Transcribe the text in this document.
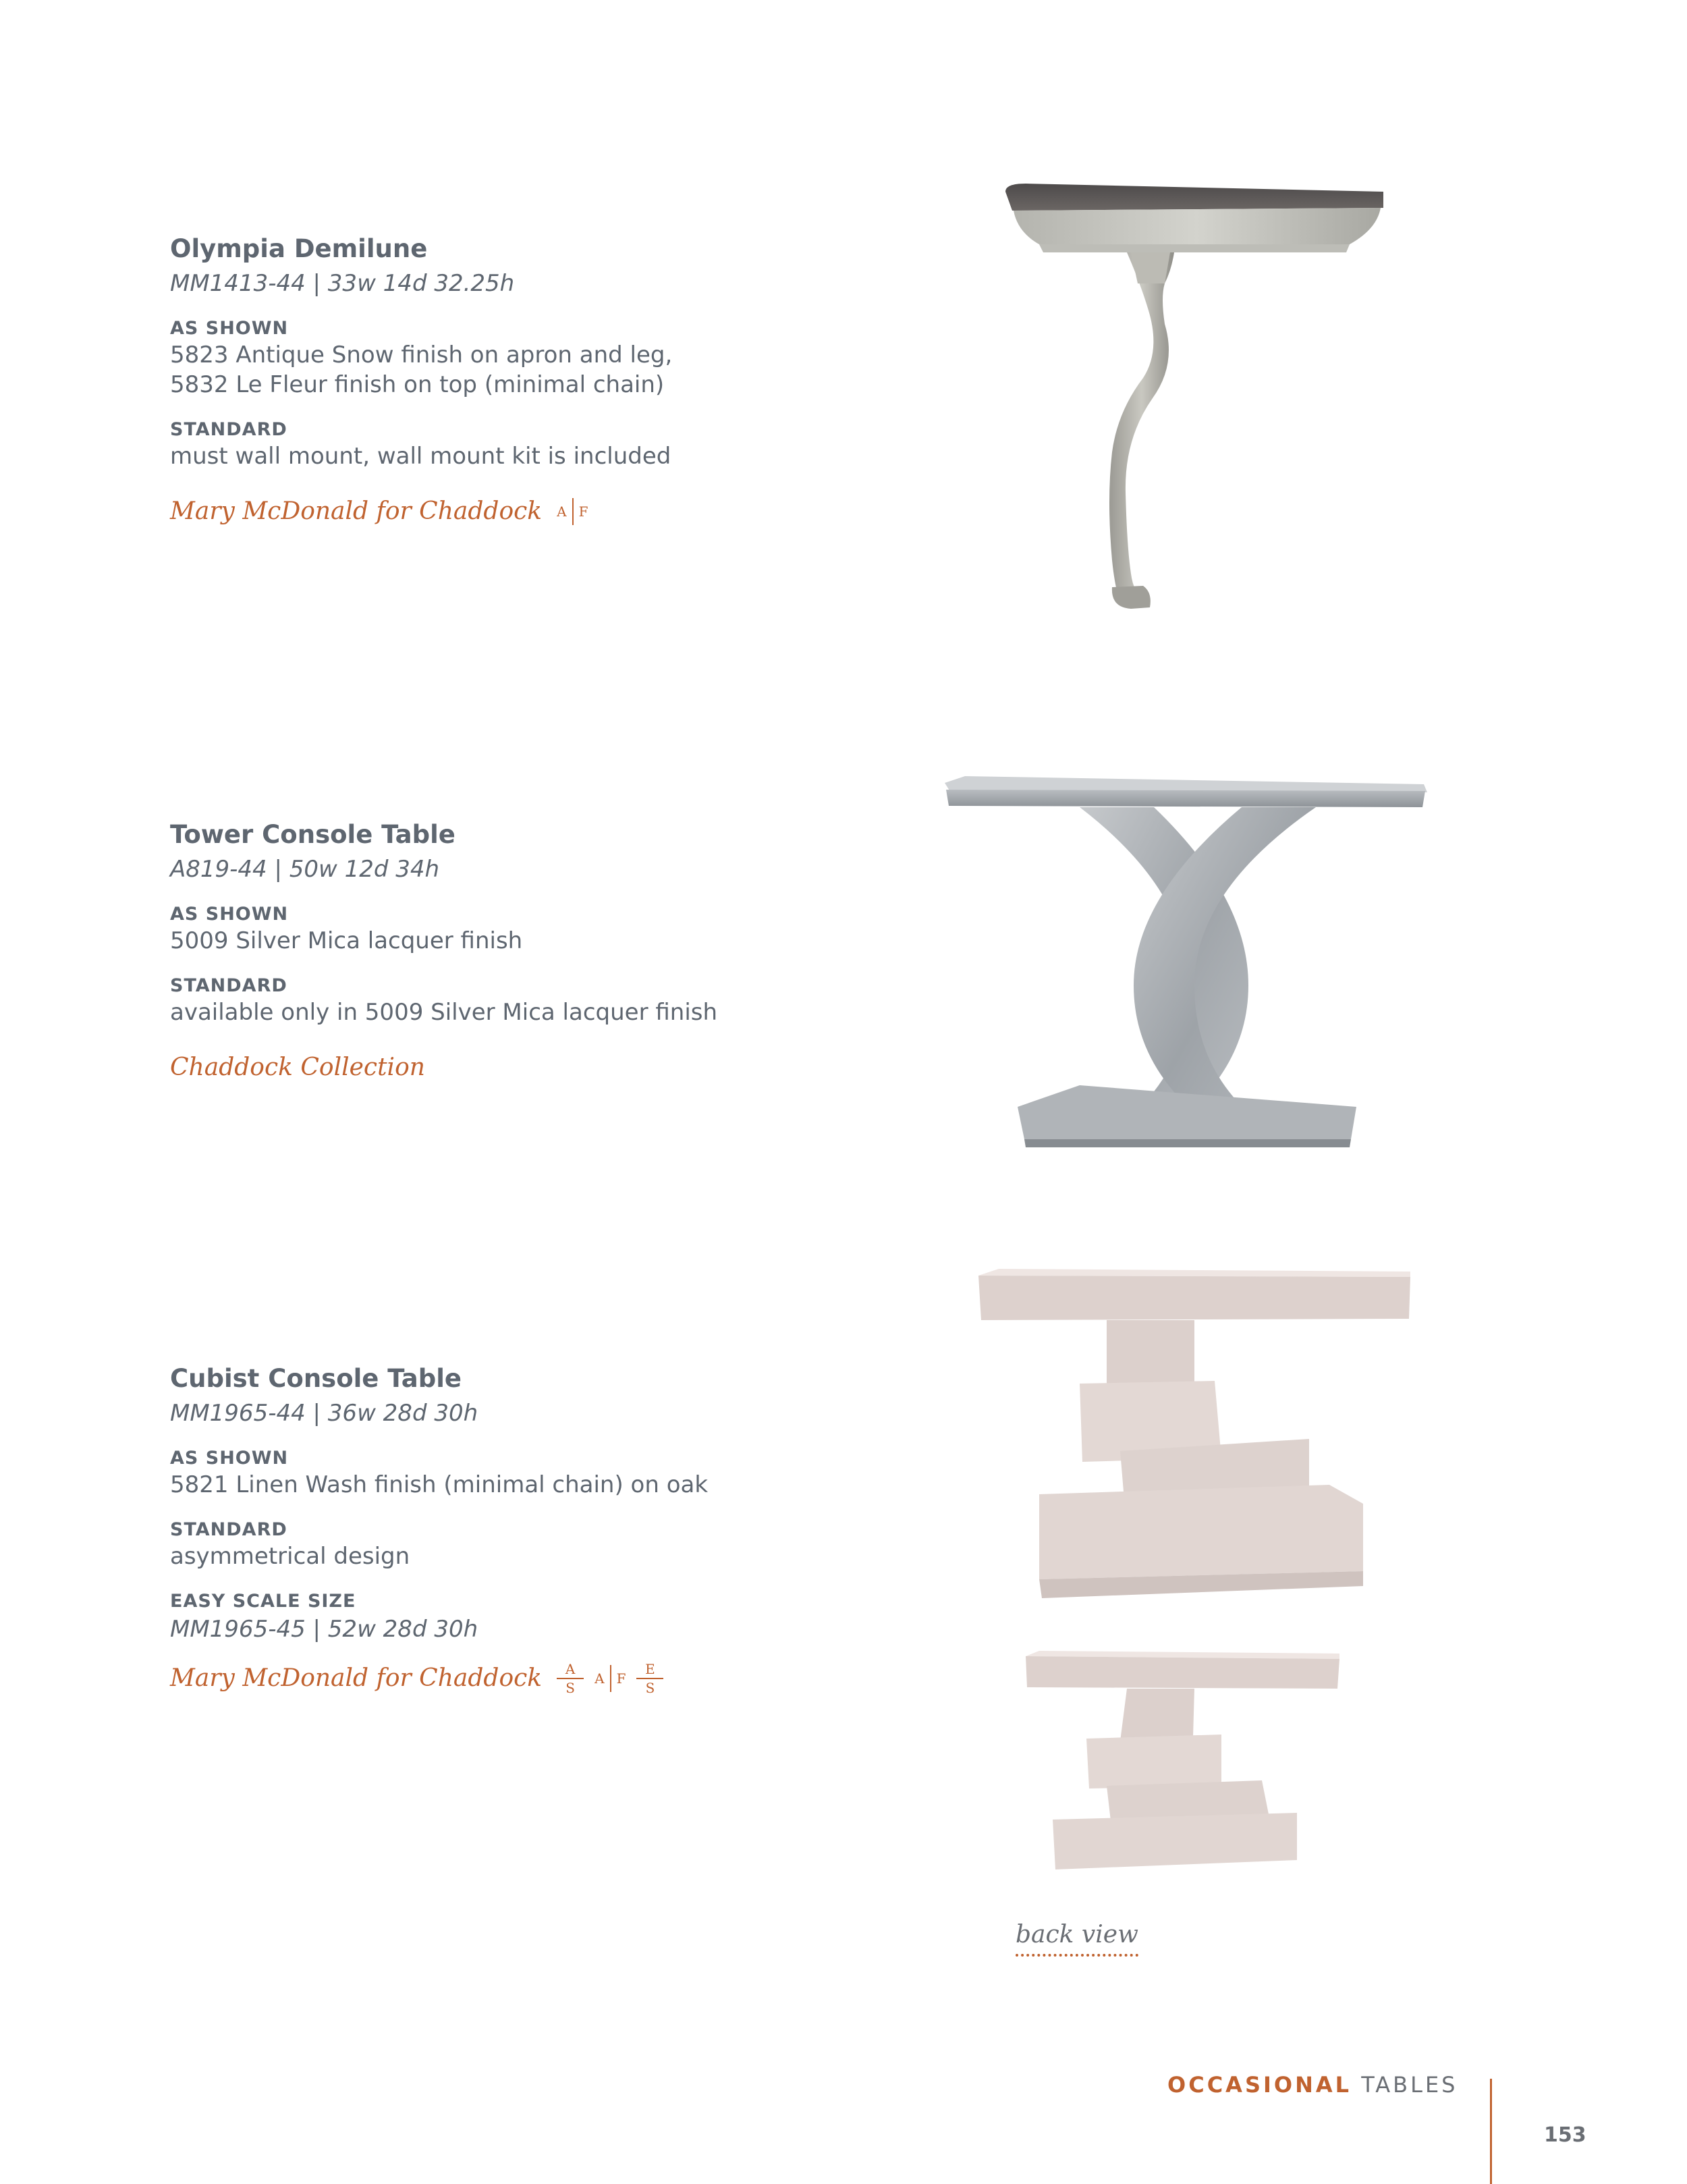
Olympia Demilune
MM1413-44 | 33w 14d 32.25h
AS SHOWN
5823 Antique Snow finish on apron and leg,
5832 Le Fleur finish on top (minimal chain)
STANDARD
must wall mount, wall mount kit is included
Mary McDonald for Chaddock A F
Tower Console Table
A819-44 | 50w 12d 34h
AS SHOWN
5009 Silver Mica lacquer finish
STANDARD
available only in 5009 Silver Mica lacquer finish
Chaddock Collection
Cubist Console Table
MM1965-44 | 36w 28d 30h
AS SHOWN
5821 Linen Wash finish (minimal chain) on oak
STANDARD
asymmetrical design
EASY SCALE SIZE
MM1965-45 | 52w 28d 30h
Mary McDonald for Chaddock $\frac{A}{S}$ A F $\frac{E}{S}$
back view
OCCASIONAL TABLES
153
